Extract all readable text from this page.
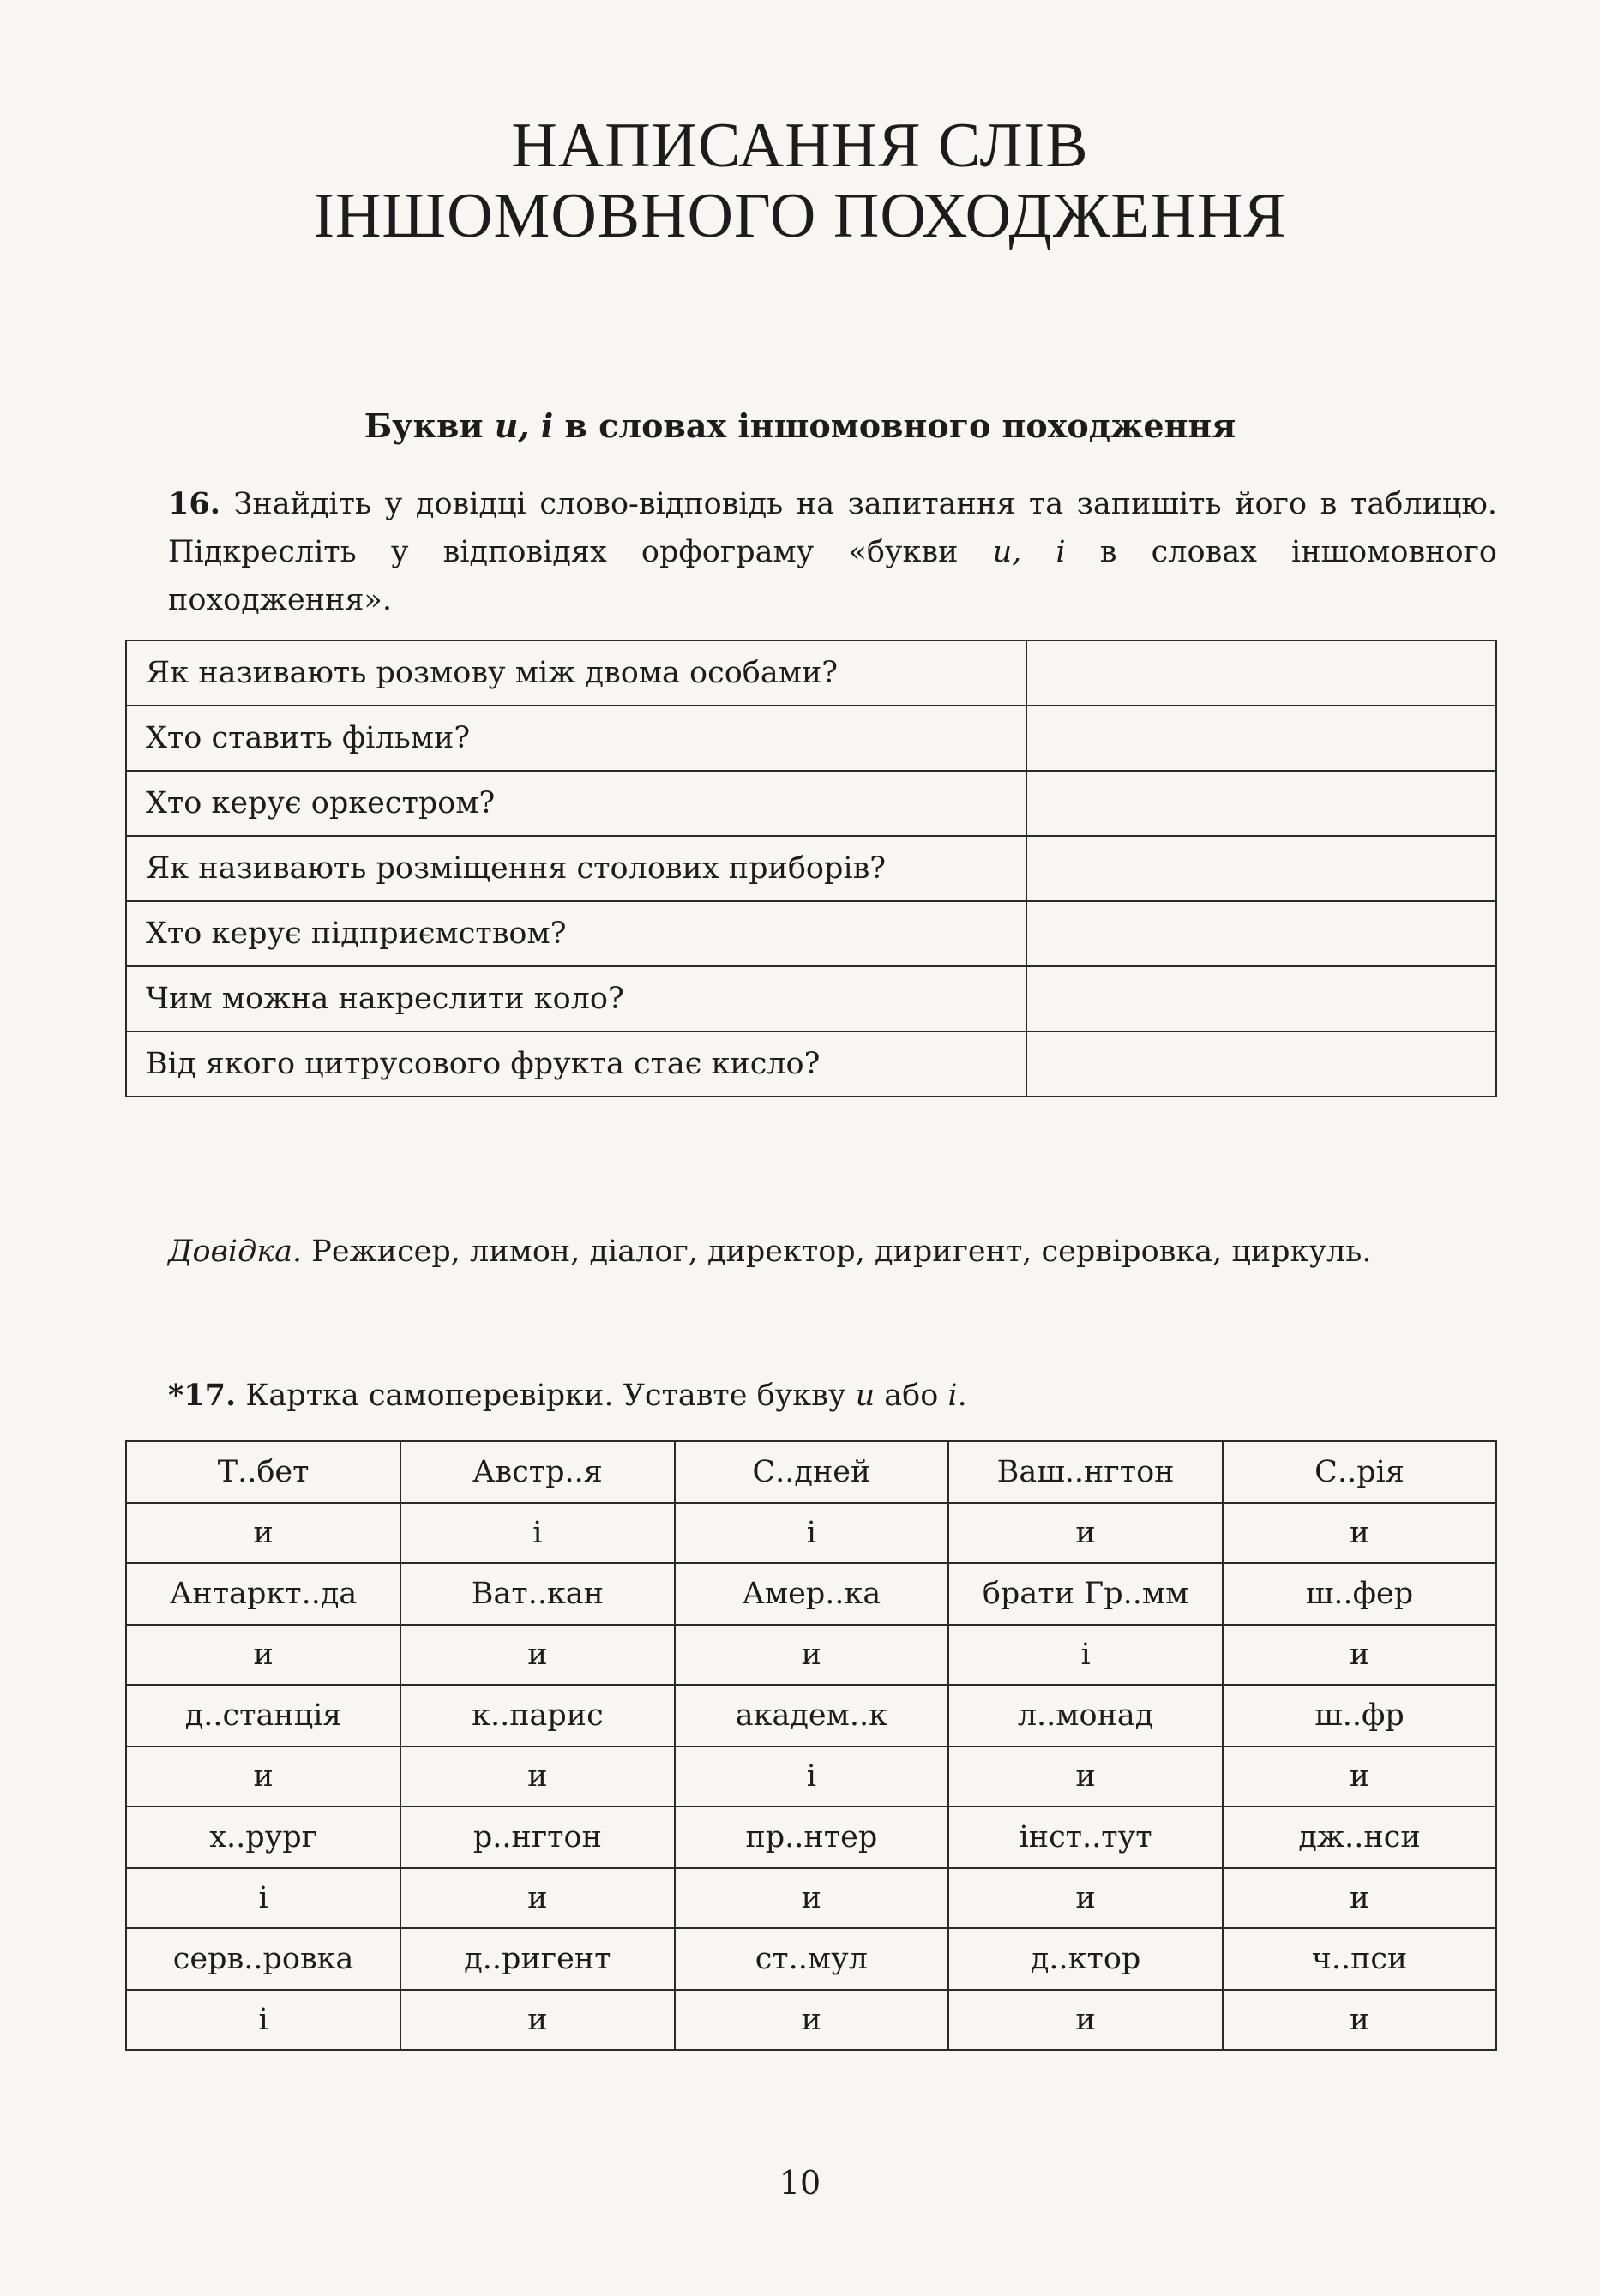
НАПИСАННЯ СЛІВ
ІНШОМОВНОГО ПОХОДЖЕННЯ
Букви и, і в словах іншомовного походження
16. Знайдіть у довідці слово-відповідь на запитання та запишіть його в таблицю. Підкресліть у відповідях орфограму «букви и, і в словах іншомовного походження».
Як називають розмову між двома особами?	
Хто ставить фільми?	
Хто керує оркестром?	
Як називають розміщення столових приборів?	
Хто керує підприємством?	
Чим можна накреслити коло?	
Від якого цитрусового фрукта стає кисло?	
Довідка. Режисер, лимон, діалог, директор, диригент, сервіровка, циркуль.
*17. Картка самоперевірки. Уставте букву и або і.
Т..бет	Австр..я	С..дней	Ваш..нгтон	С..рія
и	і	і	и	и
Антаркт..да	Ват..кан	Амер..ка	брати Гр..мм	ш..фер
и	и	и	і	и
д..станція	к..парис	академ..к	л..монад	ш..фр
и	и	і	и	и
х..рург	р..нгтон	пр..нтер	інст..тут	дж..нси
і	и	и	и	и
серв..ровка	д..ригент	ст..мул	д..ктор	ч..пси
і	и	и	и	и
10
